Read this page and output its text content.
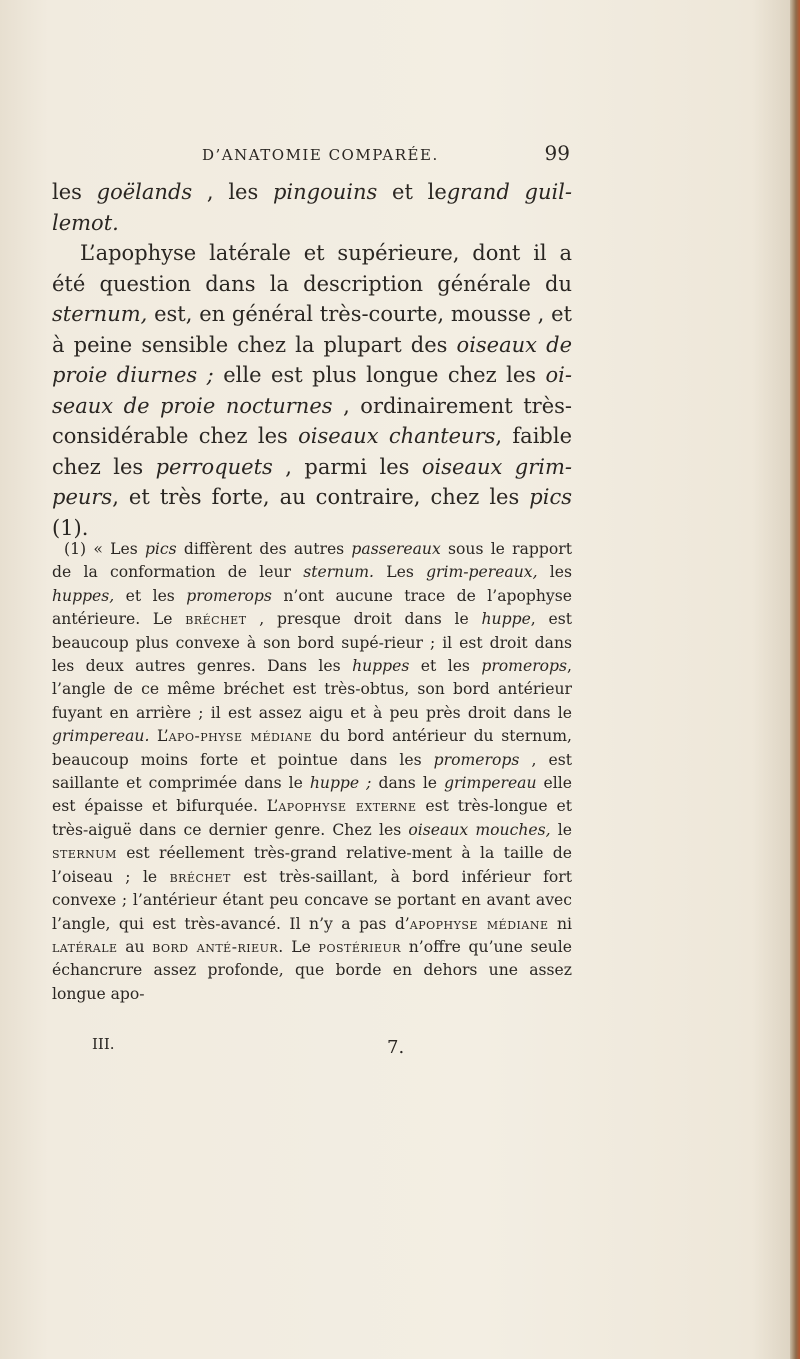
D’ANATOMIE COMPARÉE.	99

les goëlands , les pingouins et legrand guil-lemot.

L’apophyse latérale et supérieure, dont il a été question dans la description générale du sternum, est, en général très-courte, mousse , et à peine sensible chez la plupart des oiseaux de proie diurnes ; elle est plus longue chez les oi-seaux de proie nocturnes , ordinairement très-considérable chez les oiseaux chanteurs, faible chez les perroquets , parmi les oiseaux grim-peurs, et très forte, au contraire, chez les pics (1).

(1) « Les pics diffèrent des autres passereaux sous le rapport de la conformation de leur sternum. Les grim-pereaux, les huppes, et les promerops n’ont aucune trace de l’apophyse antérieure. Le bréchet , presque droit dans le huppe, est beaucoup plus convexe à son bord supé-rieur ; il est droit dans les deux autres genres. Dans les huppes et les promerops, l’angle de ce même bréchet est très-obtus, son bord antérieur fuyant en arrière ; il est assez aigu et à peu près droit dans le grimpereau. L’apo-physe médiane du bord antérieur du sternum, beaucoup moins forte et pointue dans les promerops , est saillante et comprimée dans le huppe ; dans le grimpereau elle est épaisse et bifurquée. L’apophyse externe est très-longue et très-aiguë dans ce dernier genre. Chez les oiseaux mouches, le sternum est réellement très-grand relative-ment à la taille de l’oiseau ; le bréchet est très-saillant, à bord inférieur fort convexe ; l’antérieur étant peu concave se portant en avant avec l’angle, qui est très-avancé. Il n’y a pas d’apophyse médiane ni latérale au bord anté-rieur. Le postérieur n’offre qu’une seule échancrure assez profonde, que borde en dehors une assez longue apo-

III.	7.
